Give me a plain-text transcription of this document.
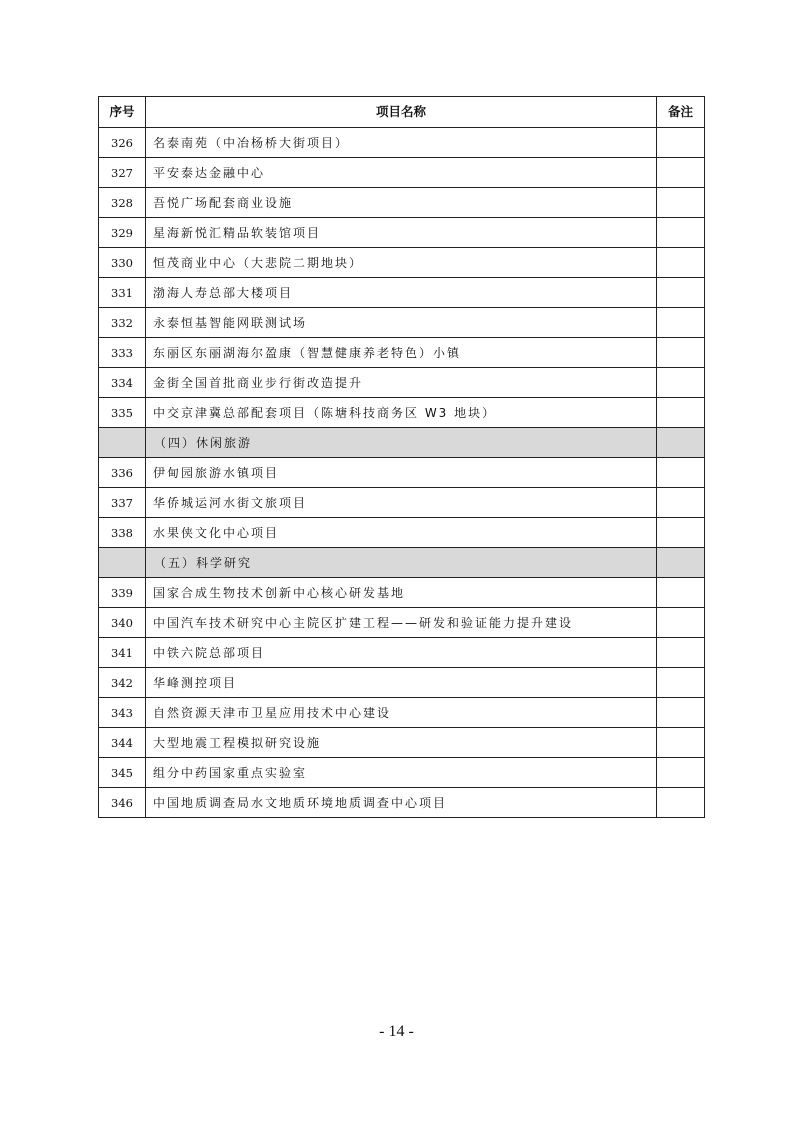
序号	项目名称	备注
326	名泰南苑（中冶杨桥大街项目）	
327	平安泰达金融中心	
328	吾悦广场配套商业设施	
329	星海新悦汇精品软装馆项目	
330	恒茂商业中心（大悲院二期地块）	
331	渤海人寿总部大楼项目	
332	永泰恒基智能网联测试场	
333	东丽区东丽湖海尔盈康（智慧健康养老特色）小镇	
334	金街全国首批商业步行街改造提升	
335	中交京津冀总部配套项目（陈塘科技商务区 W3 地块）	
	（四）休闲旅游	
336	伊甸园旅游水镇项目	
337	华侨城运河水街文旅项目	
338	水果侠文化中心项目	
	（五）科学研究	
339	国家合成生物技术创新中心核心研发基地	
340	中国汽车技术研究中心主院区扩建工程——研发和验证能力提升建设	
341	中铁六院总部项目	
342	华峰测控项目	
343	自然资源天津市卫星应用技术中心建设	
344	大型地震工程模拟研究设施	
345	组分中药国家重点实验室	
346	中国地质调查局水文地质环境地质调查中心项目	
- 14 -
